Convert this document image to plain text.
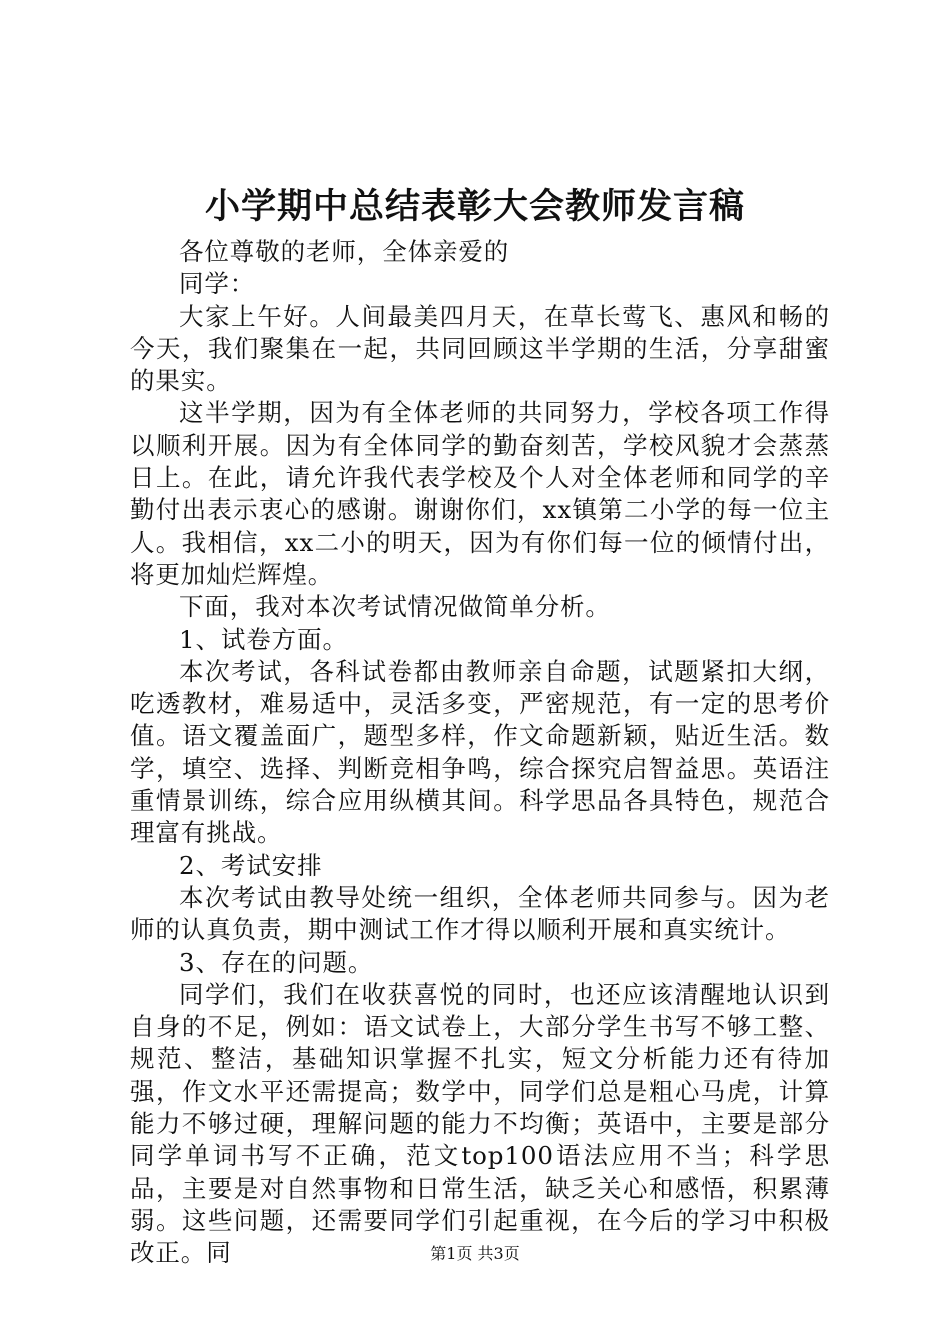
小学期中总结表彰大会教师发言稿

各位尊敬的老师，全体亲爱的

同学：

大家上午好。人间最美四月天，在草长莺飞、惠风和畅的今天，我们聚集在一起，共同回顾这半学期的生活，分享甜蜜的果实。

这半学期，因为有全体老师的共同努力，学校各项工作得以顺利开展。因为有全体同学的勤奋刻苦，学校风貌才会蒸蒸日上。在此，请允许我代表学校及个人对全体老师和同学的辛勤付出表示衷心的感谢。谢谢你们，xx镇第二小学的每一位主人。我相信，xx二小的明天，因为有你们每一位的倾情付出，将更加灿烂辉煌。

下面，我对本次考试情况做简单分析。

1、试卷方面。

本次考试，各科试卷都由教师亲自命题，试题紧扣大纲，吃透教材，难易适中，灵活多变，严密规范，有一定的思考价值。语文覆盖面广，题型多样，作文命题新颖，贴近生活。数学，填空、选择、判断竞相争鸣，综合探究启智益思。英语注重情景训练，综合应用纵横其间。科学思品各具特色，规范合理富有挑战。

2、考试安排

本次考试由教导处统一组织，全体老师共同参与。因为老师的认真负责，期中测试工作才得以顺利开展和真实统计。

3、存在的问题。

同学们，我们在收获喜悦的同时，也还应该清醒地认识到自身的不足，例如：语文试卷上，大部分学生书写不够工整、规范、整洁，基础知识掌握不扎实，短文分析能力还有待加强，作文水平还需提高；数学中，同学们总是粗心马虎，计算能力不够过硬，理解问题的能力不均衡；英语中，主要是部分同学单词书写不正确，范文top100语法应用不当；科学思品，主要是对自然事物和日常生活，缺乏关心和感悟，积累薄弱。这些问题，还需要同学们引起重视，在今后的学习中积极改正。同	第1页 共3页
